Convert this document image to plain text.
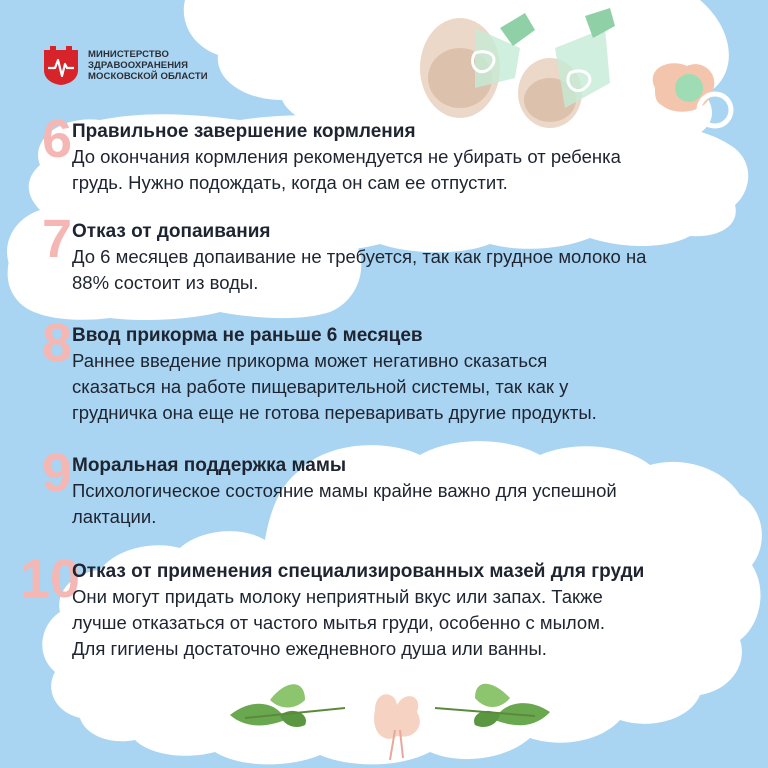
МИНИСТЕРСТВО
ЗДРАВООХРАНЕНИЯ
МОСКОВСКОЙ ОБЛАСТИ
6 Правильное завершение кормления

До окончания кормления рекомендуется не убирать от ребенка

грудь. Нужно подождать, когда он сам ее отпустит.

7 Отказ от допаивания

До 6 месяцев допаивание не требуется, так как грудное молоко на

88% состоит из воды.

8 Ввод прикорма не раньше 6 месяцев

Раннее введение прикорма может негативно сказаться

сказаться на работе пищеварительной системы, так как у

грудничка она еще не готова переваривать другие продукты.

9 Моральная поддержка мамы

Психологическое состояние мамы крайне важно для успешной

лактации.

10

Отказ от применения специализированных мазей для груди

Они могут придать молоку неприятный вкус или запах. Также

лучше отказаться от частого мытья груди, особенно с мылом.

Для гигиены достаточно ежедневного душа или ванны.
